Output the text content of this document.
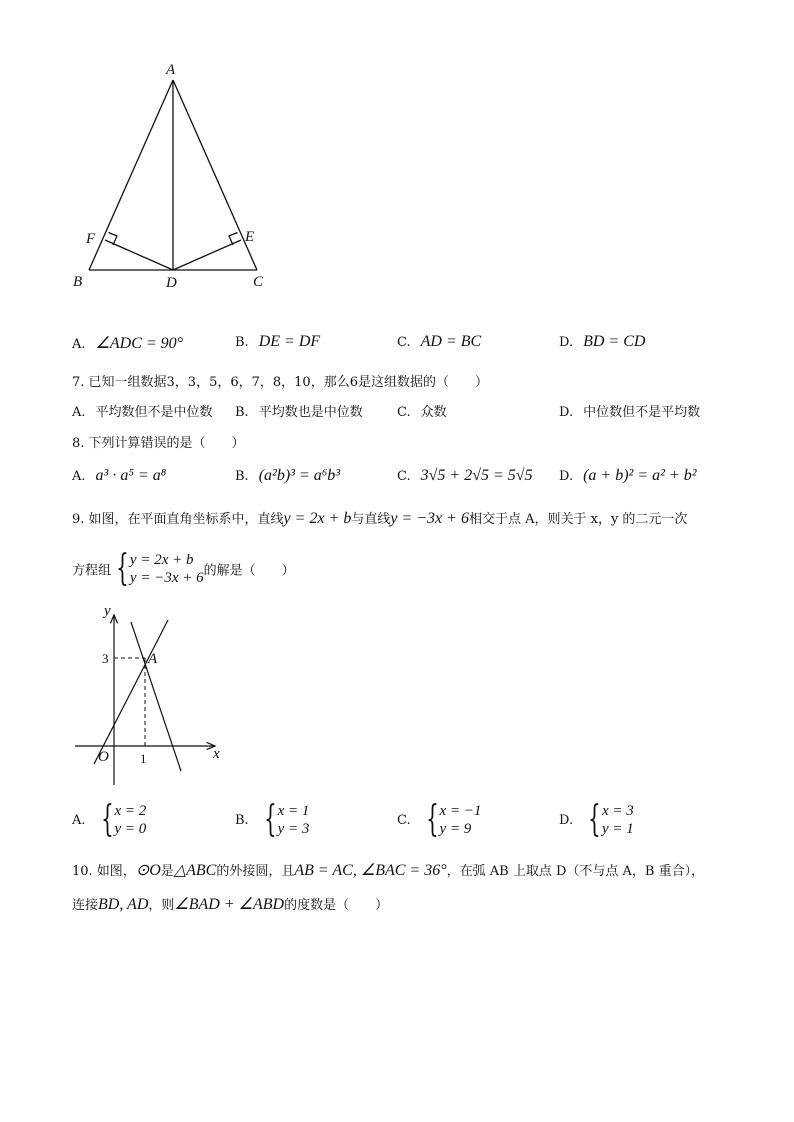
A
B	C
D
E
F
A. ∠ADC = 90°	B. DE = DF	C. AD = BC	D. BD = CD
7. 已知一组数据3，3，5，6，7，8，10，那么6是这组数据的（　　）
A. 平均数但不是中位数 B. 平均数也是中位数	C. 众数	D. 中位数但不是平均数
8. 下列计算错误的是（　　）
A. a³ · a⁵ = a⁸	B. (a²b)³ = a⁶b³	C. 3√5 + 2√5 = 5√5 D. (a + b)² = a² + b²
9. 如图，在平面直角坐标系中，直线y = 2x + b与直线y = −3x + 6相交于点 A，则关于 x，y 的二元一次
方程组 { y = 2x + b
y = −3x + 6 的解是（　　）
y
x
O 1
3	A
A. { x = 2
y = 0
B. { x = 1
y = 3
C. { x = −1
y = 9
D. { x = 3
y = 1
10. 如图，⊙O是△ABC的外接圆，且AB = AC, ∠BAC = 36°，在弧 AB 上取点 D（不与点 A，B 重合），
连接BD, AD，则∠BAD + ∠ABD的度数是（　　）
